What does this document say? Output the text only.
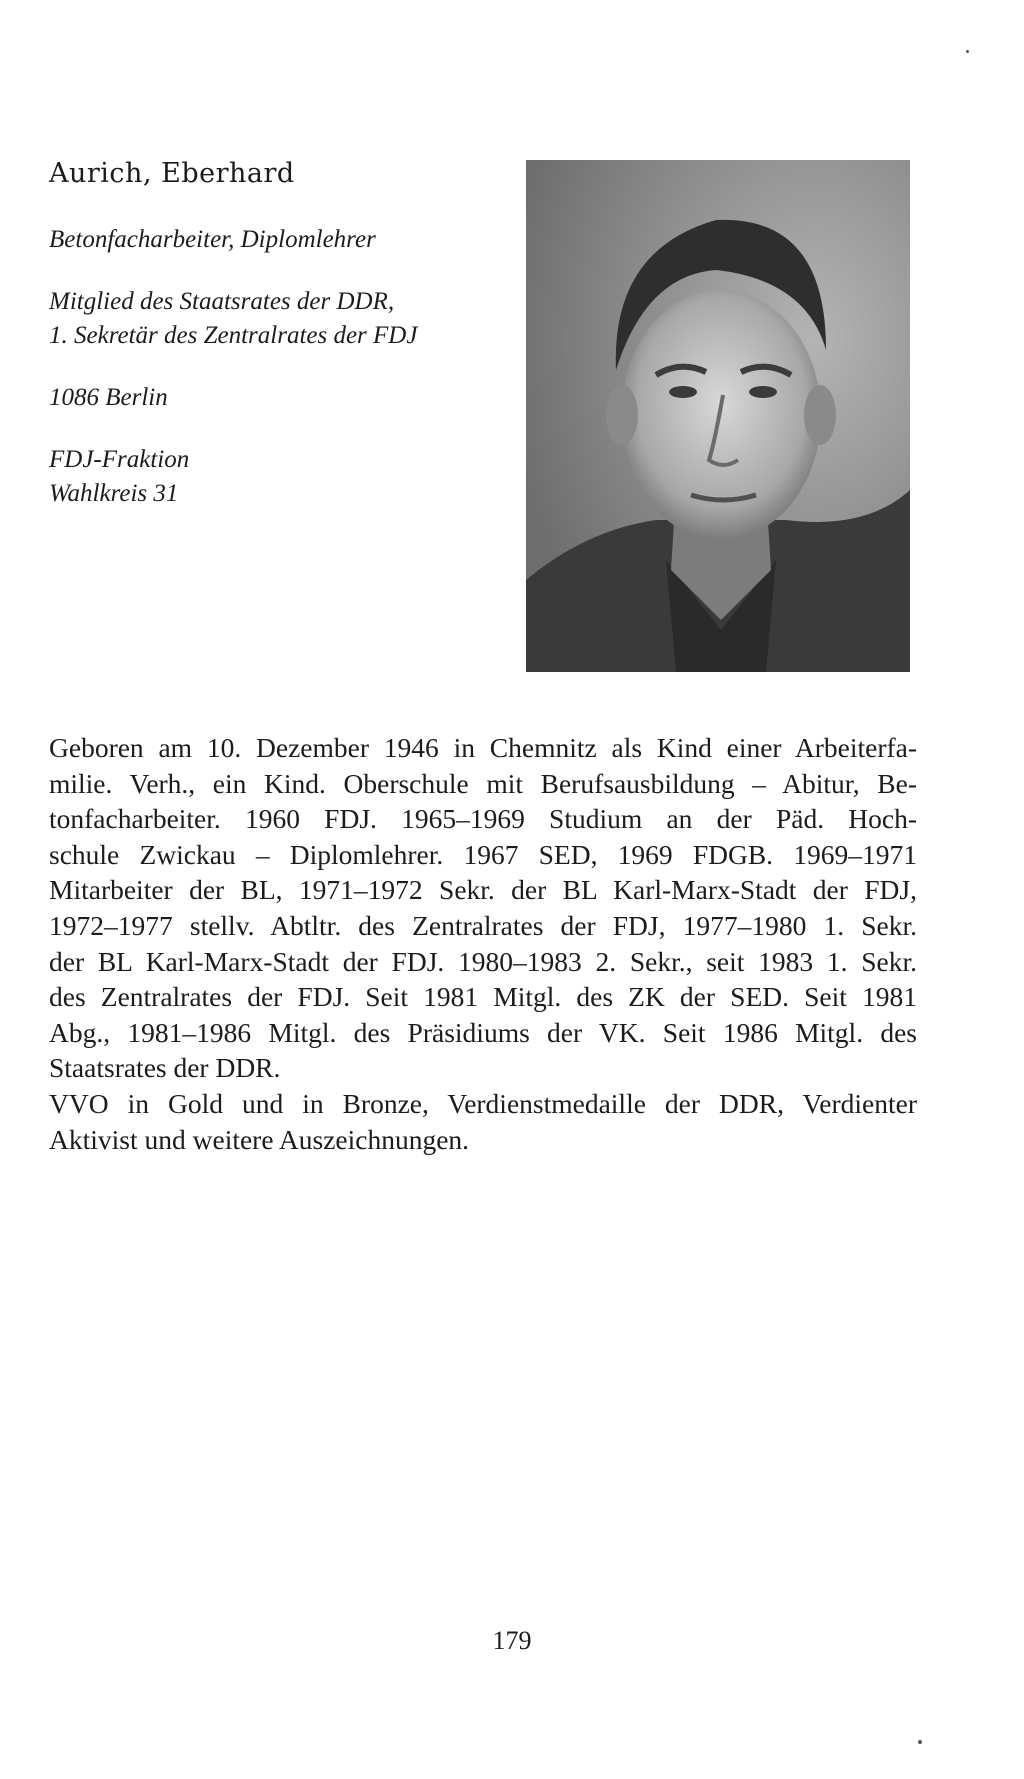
Aurich, Eberhard
Betonfacharbeiter, Diplomlehrer
Mitglied des Staatsrates der DDR,
1. Sekretär des Zentralrates der FDJ
1086 Berlin
FDJ-Fraktion
Wahlkreis 31
Geboren am 10. Dezember 1946 in Chemnitz als Kind einer Arbeiterfa-
milie. Verh., ein Kind. Oberschule mit Berufsausbildung – Abitur, Be-
tonfacharbeiter. 1960 FDJ. 1965–1969 Studium an der Päd. Hoch-
schule Zwickau – Diplomlehrer. 1967 SED, 1969 FDGB. 1969–1971
Mitarbeiter der BL, 1971–1972 Sekr. der BL Karl-Marx-Stadt der FDJ,
1972–1977 stellv. Abtltr. des Zentralrates der FDJ, 1977–1980 1. Sekr.
der BL Karl-Marx-Stadt der FDJ. 1980–1983 2. Sekr., seit 1983 1. Sekr.
des Zentralrates der FDJ. Seit 1981 Mitgl. des ZK der SED. Seit 1981
Abg., 1981–1986 Mitgl. des Präsidiums der VK. Seit 1986 Mitgl. des
Staatsrates der DDR.
VVO in Gold und in Bronze, Verdienstmedaille der DDR, Verdienter
Aktivist und weitere Auszeichnungen.
179
